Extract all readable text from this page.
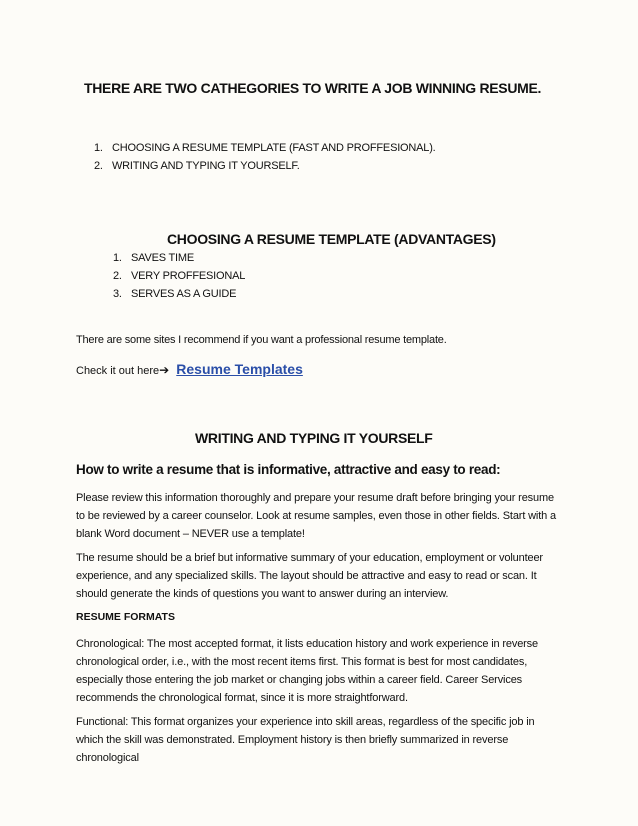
THERE ARE TWO CATHEGORIES TO WRITE A JOB WINNING RESUME.
1. CHOOSING A RESUME TEMPLATE (FAST AND PROFFESIONAL).
2. WRITING AND TYPING IT YOURSELF.
CHOOSING A RESUME TEMPLATE (ADVANTAGES)
1. SAVES TIME
2. VERY PROFFESIONAL
3. SERVES AS A GUIDE
There are some sites I recommend if you want a professional resume template.
Check it out here➔ Resume Templates
WRITING AND TYPING IT YOURSELF
How to write a resume that is informative, attractive and easy to read:
Please review this information thoroughly and prepare your resume draft before bringing your resume to be reviewed by a career counselor. Look at resume samples, even those in other fields. Start with a blank Word document – NEVER use a template!
The resume should be a brief but informative summary of your education, employment or volunteer experience, and any specialized skills. The layout should be attractive and easy to read or scan. It should generate the kinds of questions you want to answer during an interview.
RESUME FORMATS
Chronological: The most accepted format, it lists education history and work experience in reverse chronological order, i.e., with the most recent items first. This format is best for most candidates, especially those entering the job market or changing jobs within a career field. Career Services recommends the chronological format, since it is more straightforward.
Functional: This format organizes your experience into skill areas, regardless of the specific job in which the skill was demonstrated. Employment history is then briefly summarized in reverse chronological
